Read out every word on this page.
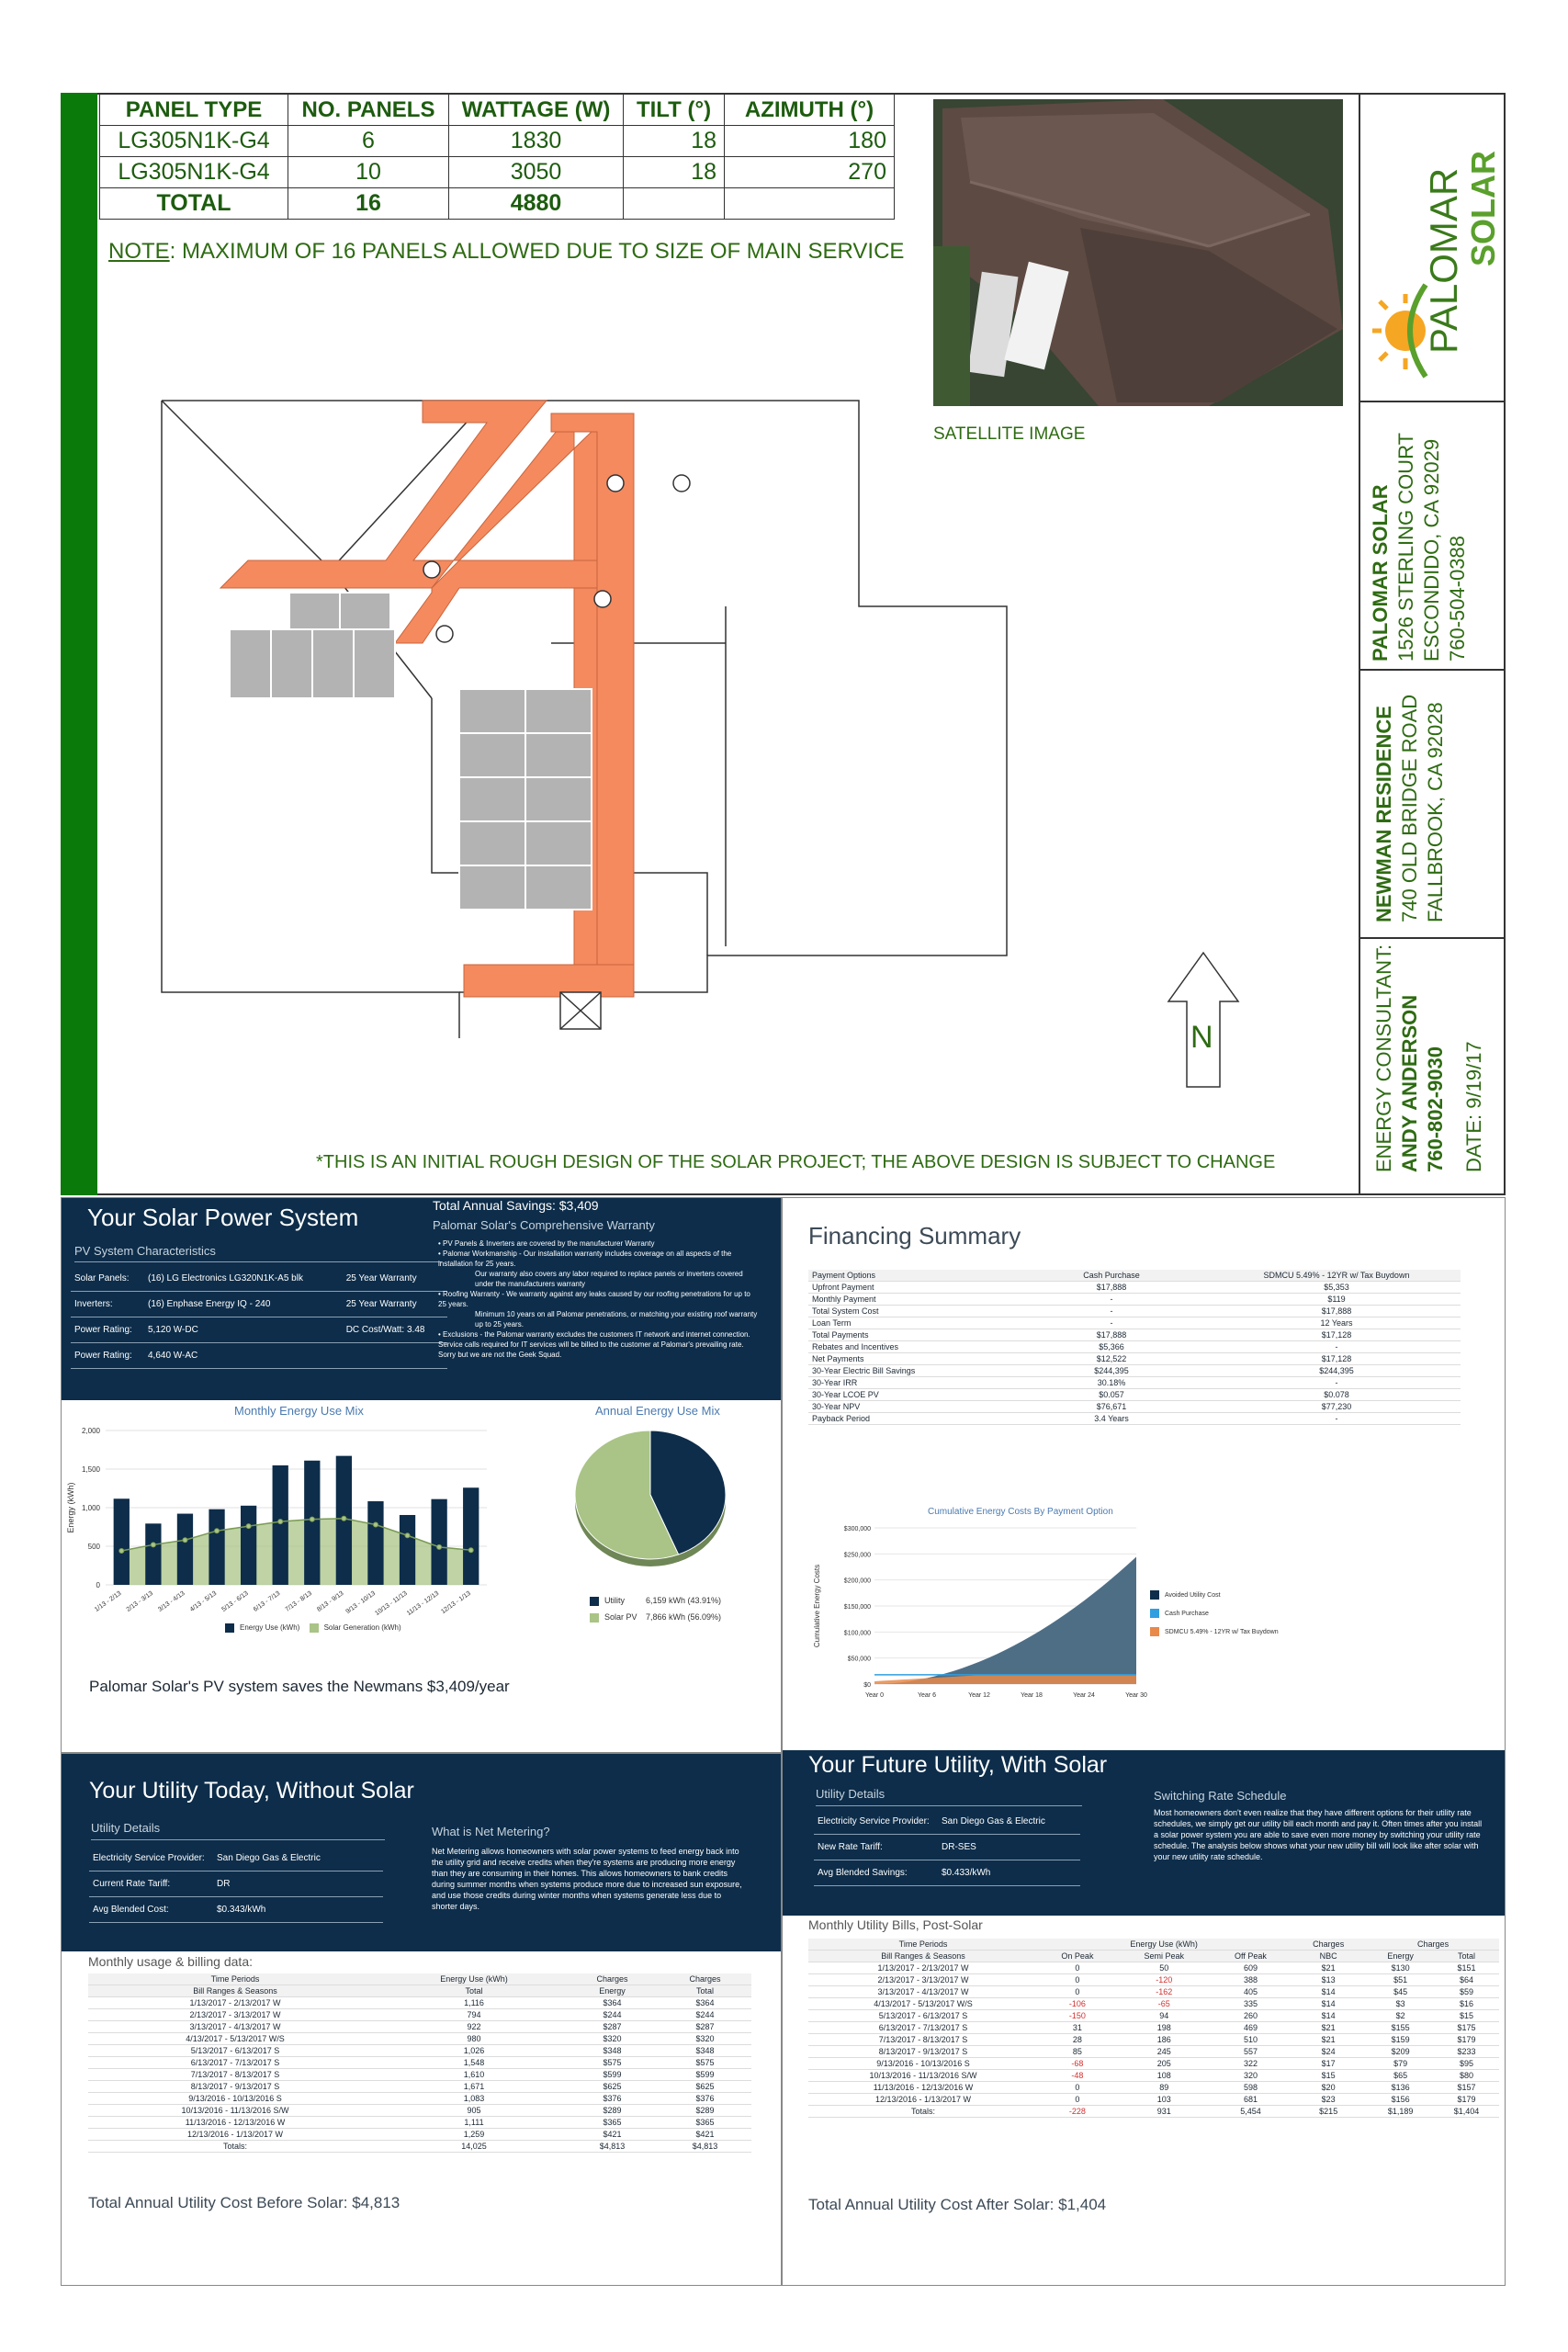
PANEL TYPE	NO. PANELS	WATTAGE (W)	TILT (°)	AZIMUTH (°)
LG305N1K-G4	6	1830	18	180
LG305N1K-G4	10	3050	18	270
TOTAL	16	4880		
NOTE: MAXIMUM OF 16 PANELS ALLOWED DUE TO SIZE OF MAIN SERVICE
SATELLITE IMAGE
N
*THIS IS AN INITIAL ROUGH DESIGN OF THE SOLAR PROJECT; THE ABOVE DESIGN IS SUBJECT TO CHANGE
PALOMAR SOLAR
PALOMAR SOLAR 1526 STERLING COURT ESCONDIDO, CA 92029 760-504-0388
NEWMAN RESIDENCE 740 OLD BRIDGE ROAD FALLBROOK, CA 92028
ENERGY CONSULTANT: ANDY ANDERSON 760-802-9030 DATE: 9/19/17
Your Solar Power System
PV System Characteristics
Solar Panels:	(16) LG Electronics LG320N1K-A5 blk	25 Year Warranty
Inverters:	(16) Enphase Energy IQ - 240	25 Year Warranty
Power Rating:	5,120 W-DC	DC Cost/Watt: 3.48
Power Rating:	4,640 W-AC	
Total Annual Savings: $3,409
Palomar Solar's Comprehensive Warranty
• PV Panels & Inverters are covered by the manufacturer Warranty
• Palomar Workmanship - Our installation warranty includes coverage on all aspects of the installation for 25 years.
Our warranty also covers any labor required to replace panels or inverters covered under the manufacturers warranty
• Roofing Warranty - We warranty against any leaks caused by our roofing penetrations for up to 25 years.
Minimum 10 years on all Palomar penetrations, or matching your existing roof warranty up to 25 years.
• Exclusions - the Palomar warranty excludes the customers IT network and internet connection. Service calls required for IT services will be billed to the customer at Palomar's prevailing rate. Sorry but we are not the Geek Squad.
Monthly Energy Use Mix
0
500
1,000
1,500
2,000
Energy (kWh)
1/13 - 2/13 2/13 - 3/13 3/13 - 4/13 4/13 - 5/13 5/13 - 6/13 6/13 - 7/13 7/13 - 8/13 8/13 - 9/13 9/13 - 10/13
10/13 - 11/13
11/13 - 12/13 12/13 - 1/13
Energy Use (kWh)	Solar Generation (kWh)
Annual Energy Use Mix
Utility	6,159 kWh (43.91%)
Solar PV 7,866 kWh (56.09%)
Palomar Solar's PV system saves the Newmans $3,409/year
Financing Summary
Payment Options	Cash Purchase	SDMCU 5.49% - 12YR w/ Tax Buydown
Upfront Payment	$17,888	$5,353
Monthly Payment	-	$119
Total System Cost	-	$17,888
Loan Term	-	12 Years
Total Payments	$17,888	$17,128
Rebates and Incentives	$5,366	-
Net Payments	$12,522	$17,128
30-Year Electric Bill Savings	$244,395	$244,395
30-Year IRR	30.18%	-
30-Year LCOE PV	$0.057	$0.078
30-Year NPV	$76,671	$77,230
Payback Period	3.4 Years	-
Cumulative Energy Costs By Payment Option
$0
$50,000
$100,000
$150,000
$200,000
$250,000
$300,000
Cumulative Energy Costs
Year 0	Year 6	Year 12	Year 18	Year 24	Year 30
Avoided Utility Cost
Cash Purchase
SDMCU 5.49% - 12YR w/ Tax Buydown
Your Utility Today, Without Solar
Utility Details
Electricity Service Provider:	San Diego Gas & Electric
Current Rate Tariff:	DR
Avg Blended Cost:	$0.343/kWh
What is Net Metering?
Net Metering allows homeowners with solar power systems to feed energy back into the utility grid and receive credits when they're systems are producing more energy than they are consuming in their homes. This allows homeowners to bank credits during summer months when systems produce more due to increased sun exposure, and use those credits during winter months when systems generate less due to shorter days.
Monthly usage & billing data:
Time Periods	Energy Use (kWh)	Charges	Charges
Bill Ranges & Seasons	Total	Energy	Total
1/13/2017 - 2/13/2017 W	1,116	$364	$364
2/13/2017 - 3/13/2017 W	794	$244	$244
3/13/2017 - 4/13/2017 W	922	$287	$287
4/13/2017 - 5/13/2017 W/S	980	$320	$320
5/13/2017 - 6/13/2017 S	1,026	$348	$348
6/13/2017 - 7/13/2017 S	1,548	$575	$575
7/13/2017 - 8/13/2017 S	1,610	$599	$599
8/13/2017 - 9/13/2017 S	1,671	$625	$625
9/13/2016 - 10/13/2016 S	1,083	$376	$376
10/13/2016 - 11/13/2016 S/W	905	$289	$289
11/13/2016 - 12/13/2016 W	1,111	$365	$365
12/13/2016 - 1/13/2017 W	1,259	$421	$421
Totals:	14,025	$4,813	$4,813
Total Annual Utility Cost Before Solar: $4,813
Your Future Utility, With Solar
Utility Details
Electricity Service Provider:	San Diego Gas & Electric
New Rate Tariff:	DR-SES
Avg Blended Savings:	$0.433/kWh
Switching Rate Schedule
Most homeowners don't even realize that they have different options for their utility rate schedules, we simply get our utility bill each month and pay it. Often times after you install a solar power system you are able to save even more money by switching your utility rate schedule. The analysis below shows what your new utility bill will look like after solar with your new utility rate schedule.
Monthly Utility Bills, Post-Solar
Time Periods	Energy Use (kWh)			Charges	Charges	
Bill Ranges & Seasons	On Peak	Semi Peak	Off Peak	NBC	Energy	Total
1/13/2017 - 2/13/2017 W	0	50	609	$21	$130	$151
2/13/2017 - 3/13/2017 W	0	-120	388	$13	$51	$64
3/13/2017 - 4/13/2017 W	0	-162	405	$14	$45	$59
4/13/2017 - 5/13/2017 W/S	-106	-65	335	$14	$3	$16
5/13/2017 - 6/13/2017 S	-150	94	260	$14	$2	$15
6/13/2017 - 7/13/2017 S	31	198	469	$21	$155	$175
7/13/2017 - 8/13/2017 S	28	186	510	$21	$159	$179
8/13/2017 - 9/13/2017 S	85	245	557	$24	$209	$233
9/13/2016 - 10/13/2016 S	-68	205	322	$17	$79	$95
10/13/2016 - 11/13/2016 S/W	-48	108	320	$15	$65	$80
11/13/2016 - 12/13/2016 W	0	89	598	$20	$136	$157
12/13/2016 - 1/13/2017 W	0	103	681	$23	$156	$179
Totals:	-228	931	5,454	$215	$1,189	$1,404
Total Annual Utility Cost After Solar: $1,404
